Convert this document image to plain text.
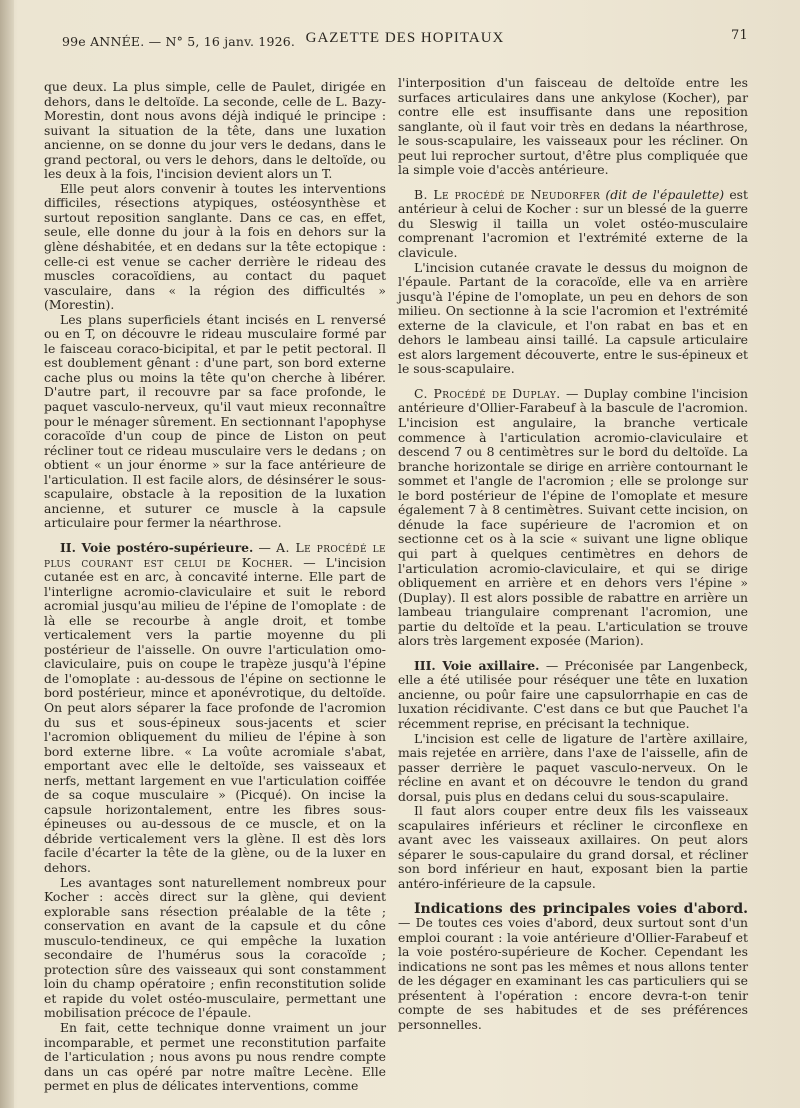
99e ANNÉE. — N° 5, 16 janv. 1926. GAZETTE DES HOPITAUX	71

que deux. La plus simple, celle de Paulet, dirigée en dehors, dans le deltoïde. La seconde, celle de L. Bazy-Morestin, dont nous avons déjà indiqué le principe : suivant la situation de la tête, dans une luxation ancienne, on se donne du jour vers le dedans, dans le grand pectoral, ou vers le dehors, dans le deltoïde, ou les deux à la fois, l'incision devient alors un T.

Elle peut alors convenir à toutes les interventions difficiles, résections atypiques, ostéosynthèse et surtout reposition sanglante. Dans ce cas, en effet, seule, elle donne du jour à la fois en dehors sur la glène déshabitée, et en dedans sur la tête ectopique : celle-ci est venue se cacher derrière le rideau des muscles coracoïdiens, au contact du paquet vasculaire, dans « la région des difficultés » (Morestin).

Les plans superficiels étant incisés en L renversé ou en T, on découvre le rideau musculaire formé par le faisceau coraco-bicipital, et par le petit pectoral. Il est doublement gênant : d'une part, son bord externe cache plus ou moins la tête qu'on cherche à libérer. D'autre part, il recouvre par sa face profonde, le paquet vasculo-nerveux, qu'il vaut mieux reconnaître pour le ménager sûrement. En sectionnant l'apophyse coracoïde d'un coup de pince de Liston on peut récliner tout ce rideau musculaire vers le dedans ; on obtient « un jour énorme » sur la face antérieure de l'articulation. Il est facile alors, de désinsérer le sous-scapulaire, obstacle à la reposition de la luxation ancienne, et suturer ce muscle à la capsule articulaire pour fermer la néarthrose.

II. Voie postéro-supérieure. — A. Le procédé le plus courant est celui de Kocher. — L'incision cutanée est en arc, à concavité interne. Elle part de l'interligne acromio-claviculaire et suit le rebord acromial jusqu'au milieu de l'épine de l'omoplate : de là elle se recourbe à angle droit, et tombe verticalement vers la partie moyenne du pli postérieur de l'aisselle. On ouvre l'articulation omo-claviculaire, puis on coupe le trapèze jusqu'à l'épine de l'omoplate : au-dessous de l'épine on sectionne le bord postérieur, mince et aponévrotique, du deltoïde. On peut alors séparer la face profonde de l'acromion du sus et sous-épineux sous-jacents et scier l'acromion obliquement du milieu de l'épine à son bord externe libre. « La voûte acromiale s'abat, emportant avec elle le deltoïde, ses vaisseaux et nerfs, mettant largement en vue l'articulation coiffée de sa coque musculaire » (Picqué). On incise la capsule horizontalement, entre les fibres sous-épineuses ou au-dessous de ce muscle, et on la débride verticalement vers la glène. Il est dès lors facile d'écarter la tête de la glène, ou de la luxer en dehors.

Les avantages sont naturellement nombreux pour Kocher : accès direct sur la glène, qui devient explorable sans résection préalable de la tête ; conservation en avant de la capsule et du cône musculo-tendineux, ce qui empêche la luxation secondaire de l'humérus sous la coracoïde ; protection sûre des vaisseaux qui sont constamment loin du champ opératoire ; enfin reconstitution solide et rapide du volet ostéo-musculaire, permettant une mobilisation précoce de l'épaule.

En fait, cette technique donne vraiment un jour incomparable, et permet une reconstitution parfaite de l'articulation ; nous avons pu nous rendre compte dans un cas opéré par notre maître Lecène. Elle permet en plus de délicates interventions, comme

l'interposition d'un faisceau de deltoïde entre les surfaces articulaires dans une ankylose (Kocher), par contre elle est insuffisante dans une reposition sanglante, où il faut voir très en dedans la néarthrose, le sous-scapulaire, les vaisseaux pour les récliner. On peut lui reprocher surtout, d'être plus compliquée que la simple voie d'accès antérieure.

B. Le procédé de Neudorfer (dit de l'épaulette) est antérieur à celui de Kocher : sur un blessé de la guerre du Sleswig il tailla un volet ostéo-musculaire comprenant l'acromion et l'extrémité externe de la clavicule.

L'incision cutanée cravate le dessus du moignon de l'épaule. Partant de la coracoïde, elle va en arrière jusqu'à l'épine de l'omoplate, un peu en dehors de son milieu. On sectionne à la scie l'acromion et l'extrémité externe de la clavicule, et l'on rabat en bas et en dehors le lambeau ainsi taillé. La capsule articulaire est alors largement découverte, entre le sus-épineux et le sous-scapulaire.

C. Procédé de Duplay. — Duplay combine l'incision antérieure d'Ollier-Farabeuf à la bascule de l'acromion. L'incision est angulaire, la branche verticale commence à l'articulation acromio-claviculaire et descend 7 ou 8 centimètres sur le bord du deltoïde. La branche horizontale se dirige en arrière contournant le sommet et l'angle de l'acromion ; elle se prolonge sur le bord postérieur de l'épine de l'omoplate et mesure également 7 à 8 centimètres. Suivant cette incision, on dénude la face supérieure de l'acromion et on sectionne cet os à la scie « suivant une ligne oblique qui part à quelques centimètres en dehors de l'articulation acromio-claviculaire, et qui se dirige obliquement en arrière et en dehors vers l'épine » (Duplay). Il est alors possible de rabattre en arrière un lambeau triangulaire comprenant l'acromion, une partie du deltoïde et la peau. L'articulation se trouve alors très largement exposée (Marion).

III. Voie axillaire. — Préconisée par Langenbeck, elle a été utilisée pour réséquer une tête en luxation ancienne, ou poûr faire une capsulorrhapie en cas de luxation récidivante. C'est dans ce but que Pauchet l'a récemment reprise, en précisant la technique.

L'incision est celle de ligature de l'artère axillaire, mais rejetée en arrière, dans l'axe de l'aisselle, afin de passer derrière le paquet vasculo-nerveux. On le récline en avant et on découvre le tendon du grand dorsal, puis plus en dedans celui du sous-scapulaire.

Il faut alors couper entre deux fils les vaisseaux scapulaires inférieurs et récliner le circonflexe en avant avec les vaisseaux axillaires. On peut alors séparer le sous-capulaire du grand dorsal, et récliner son bord inférieur en haut, exposant bien la partie antéro-inférieure de la capsule.

Indications des principales voies d'abord. — De toutes ces voies d'abord, deux surtout sont d'un emploi courant : la voie antérieure d'Ollier-Farabeuf et la voie postéro-supérieure de Kocher. Cependant les indications ne sont pas les mêmes et nous allons tenter de les dégager en examinant les cas particuliers qui se présentent à l'opération : encore devra-t-on tenir compte de ses habitudes et de ses préférences personnelles.
